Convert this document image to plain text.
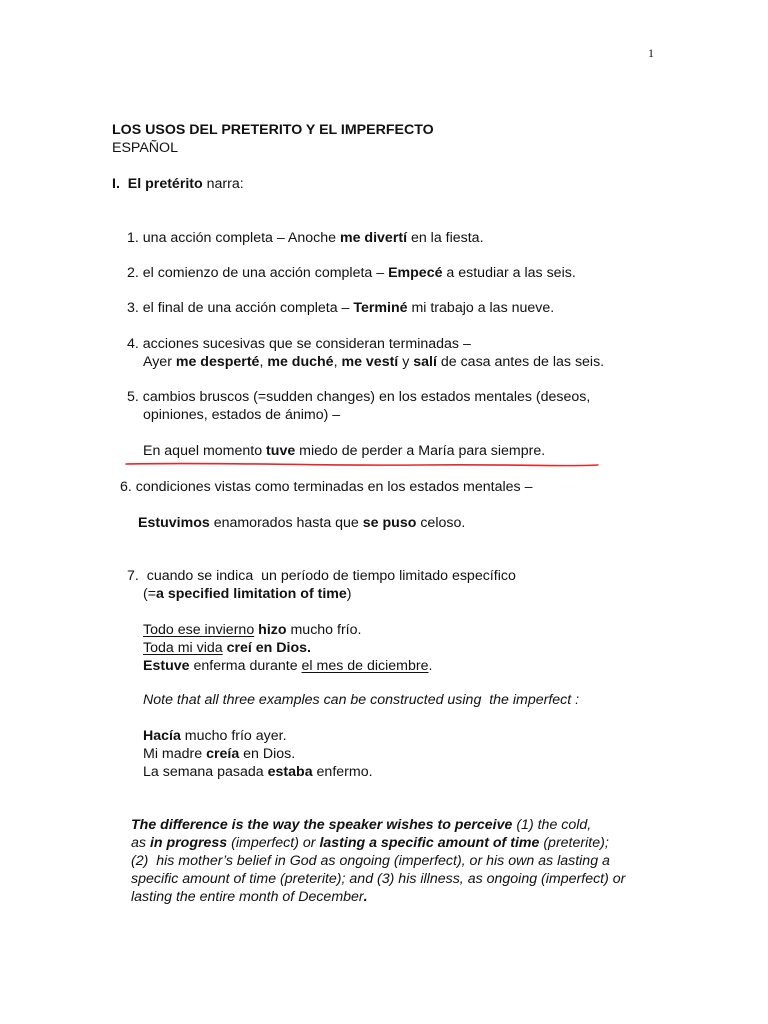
1
LOS USOS DEL PRETERITO Y EL IMPERFECTO
ESPAÑOL
I. El pretérito narra:
1. una acción completa – Anoche me divertí en la fiesta.
2. el comienzo de una acción completa – Empecé a estudiar a las seis.
3. el final de una acción completa – Terminé mi trabajo a las nueve.
4. acciones sucesivas que se consideran terminadas –
Ayer me desperté, me duché, me vestí y salí de casa antes de las seis.
5. cambios bruscos (=sudden changes) en los estados mentales (deseos,
opiniones, estados de ánimo) –
En aquel momento tuve miedo de perder a María para siempre.
6. condiciones vistas como terminadas en los estados mentales –
Estuvimos enamorados hasta que se puso celoso.
7.  cuando se indica  un período de tiempo limitado específico
(=a specified limitation of time)
Todo ese invierno hizo mucho frío.
Toda mi vida creí en Dios.
Estuve enferma durante el mes de diciembre.
Note that all three examples can be constructed using  the imperfect :
Hacía mucho frío ayer.
Mi madre creía en Dios.
La semana pasada estaba enfermo.
The difference is the way the speaker wishes to perceive (1) the cold,
as in progress (imperfect) or lasting a specific amount of time (preterite);
(2)  his mother’s belief in God as ongoing (imperfect), or his own as lasting a
specific amount of time (preterite); and (3) his illness, as ongoing (imperfect) or
lasting the entire month of December.
